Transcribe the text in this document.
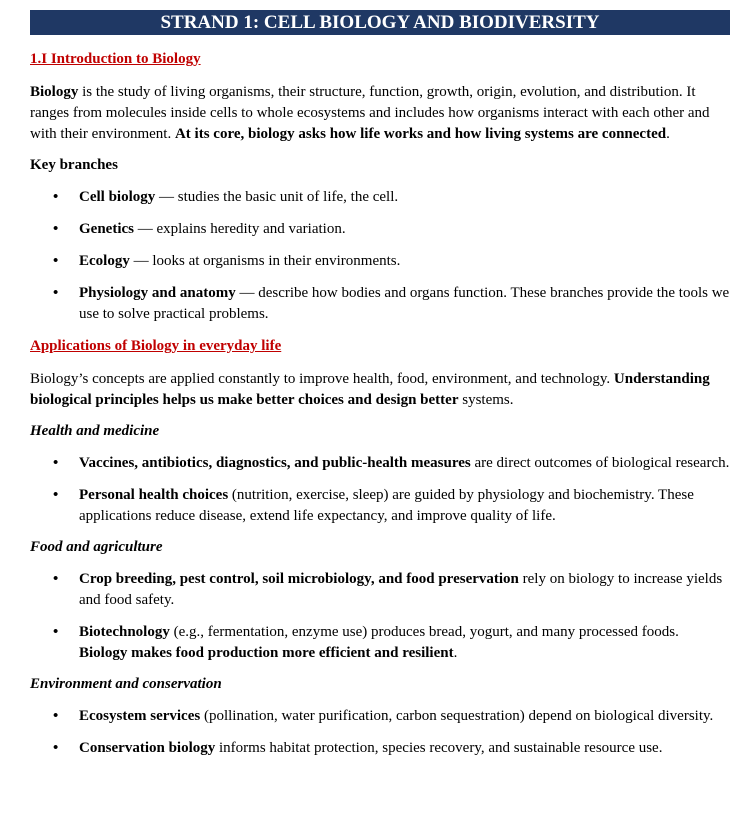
STRAND 1: CELL BIOLOGY AND BIODIVERSITY
1.I Introduction to Biology

Biology is the study of living organisms, their structure, function, growth, origin, evolution, and distribution. It ranges from molecules inside cells to whole ecosystems and includes how organisms interact with each other and with their environment. At its core, biology asks how life works and how living systems are connected.

Key branches
• Cell biology — studies the basic unit of life, the cell.
• Genetics — explains heredity and variation.
• Ecology — looks at organisms in their environments.
• Physiology and anatomy — describe how bodies and organs function. These branches provide the tools we use to solve practical problems.
Applications of Biology in everyday life

Biology’s concepts are applied constantly to improve health, food, environment, and technology. Understanding biological principles helps us make better choices and design better systems.

Health and medicine
• Vaccines, antibiotics, diagnostics, and public-health measures are direct outcomes of biological research.
• Personal health choices (nutrition, exercise, sleep) are guided by physiology and biochemistry. These applications reduce disease, extend life expectancy, and improve quality of life.
Food and agriculture
• Crop breeding, pest control, soil microbiology, and food preservation rely on biology to increase yields and food safety.
• Biotechnology (e.g., fermentation, enzyme use) produces bread, yogurt, and many processed foods. Biology makes food production more efficient and resilient.
Environment and conservation
• Ecosystem services (pollination, water purification, carbon sequestration) depend on biological diversity.
• Conservation biology informs habitat protection, species recovery, and sustainable resource use.
